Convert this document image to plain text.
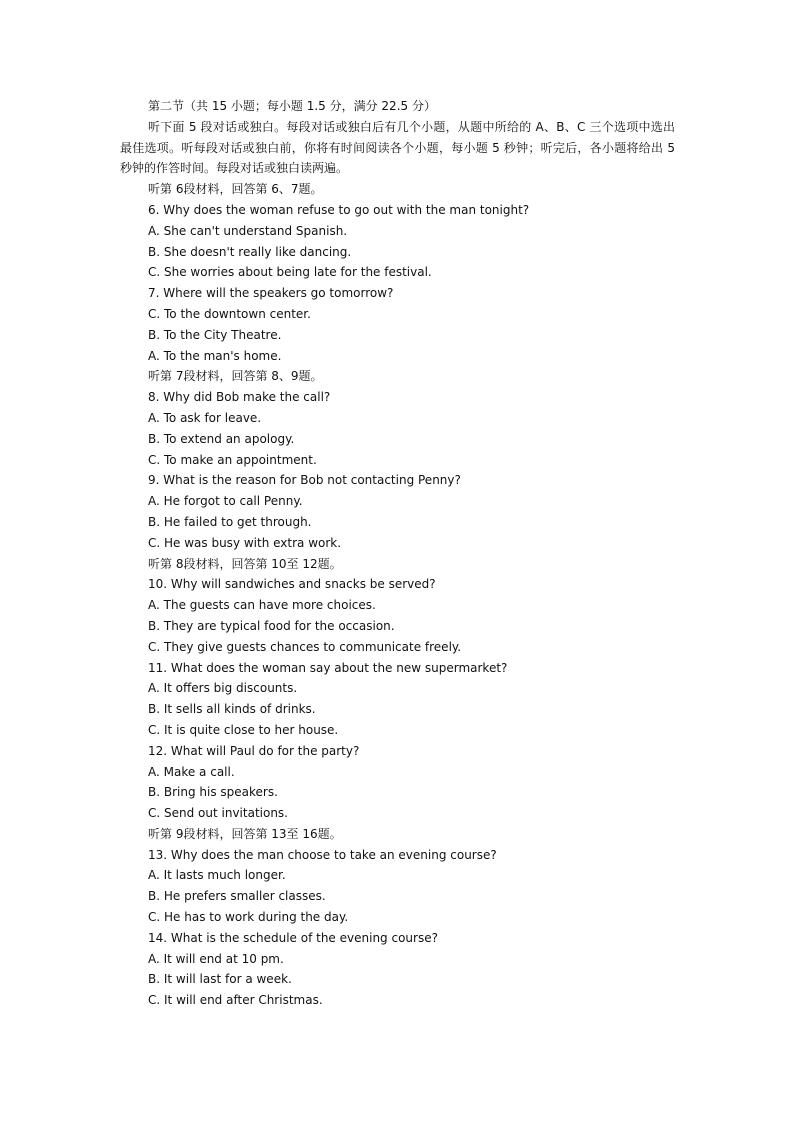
第二节（共 15 小题；每小题 1.5 分，满分 22.5 分）
听下面 5 段对话或独白。每段对话或独白后有几个小题，从题中所给的 A、B、C 三个选项中选出最佳选项。听每段对话或独白前，你将有时间阅读各个小题，每小题 5 秒钟；听完后，各小题将给出 5 秒钟的作答时间。每段对话或独白读两遍。
听第 6段材料，回答第 6、7题。
6. Why does the woman refuse to go out with the man tonight?
A. She can't understand Spanish.
B. She doesn't really like dancing.
C. She worries about being late for the festival.
7. Where will the speakers go tomorrow?
C. To the downtown center.
B. To the City Theatre.
A. To the man's home.
听第 7段材料，回答第 8、9题。
8. Why did Bob make the call?
A. To ask for leave.
B. To extend an apology.
C. To make an appointment.
9. What is the reason for Bob not contacting Penny?
A. He forgot to call Penny.
B. He failed to get through.
C. He was busy with extra work.
听第 8段材料，回答第 10至 12题。
10. Why will sandwiches and snacks be served?
A. The guests can have more choices.
B. They are typical food for the occasion.
C. They give guests chances to communicate freely.
11. What does the woman say about the new supermarket?
A. It offers big discounts.
B. It sells all kinds of drinks.
C. It is quite close to her house.
12. What will Paul do for the party?
A. Make a call.
B. Bring his speakers.
C. Send out invitations.
听第 9段材料，回答第 13至 16题。
13. Why does the man choose to take an evening course?
A. It lasts much longer.
B. He prefers smaller classes.
C. He has to work during the day.
14. What is the schedule of the evening course?
A. It will end at 10 pm.
B. It will last for a week.
C. It will end after Christmas.
